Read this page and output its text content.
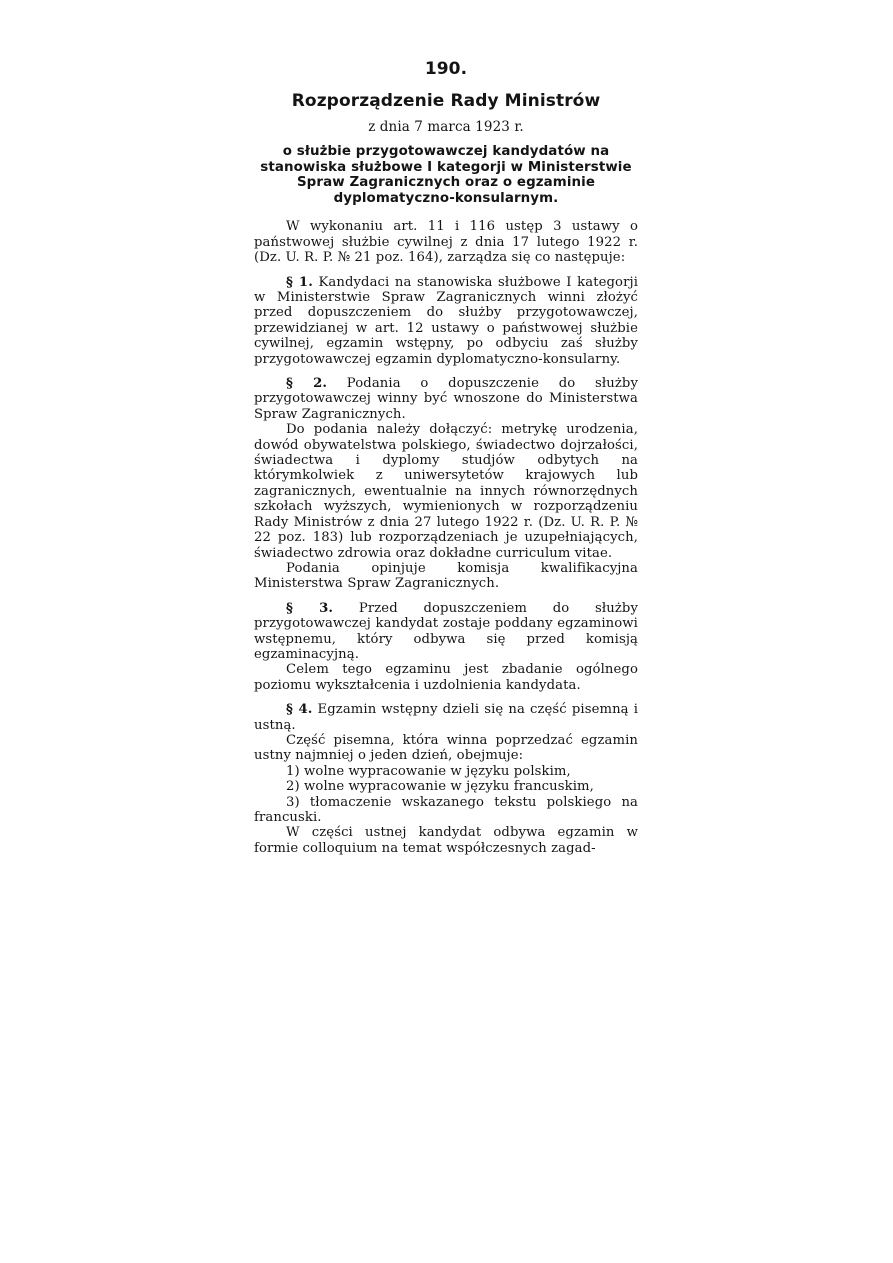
190.
Rozporządzenie Rady Ministrów
z dnia 7 marca 1923 r.
o służbie przygotowawczej kandydatów na stanowiska służbowe I kategorji w Ministerstwie Spraw Zagranicznych oraz o egzaminie dyplomatyczno-konsularnym.

W wykonaniu art. 11 i 116 ustęp 3 ustawy o państwowej służbie cywilnej z dnia 17 lutego 1922 r. (Dz. U. R. P. № 21 poz. 164), zarządza się co następuje:

§ 1. Kandydaci na stanowiska służbowe I kategorji w Ministerstwie Spraw Zagranicznych winni złożyć przed dopuszczeniem do służby przygotowawczej, przewidzianej w art. 12 ustawy o państwowej służbie cywilnej, egzamin wstępny, po odbyciu zaś służby przygotowawczej egzamin dyplomatyczno-konsularny.

§ 2. Podania o dopuszczenie do służby przygotowawczej winny być wnoszone do Ministerstwa Spraw Zagranicznych.

Do podania należy dołączyć: metrykę urodzenia, dowód obywatelstwa polskiego, świadectwo dojrzałości, świadectwa i dyplomy studjów odbytych na którymkolwiek z uniwersytetów krajowych lub zagranicznych, ewentualnie na innych równorzędnych szkołach wyższych, wymienionych w rozporządzeniu Rady Ministrów z dnia 27 lutego 1922 r. (Dz. U. R. P. № 22 poz. 183) lub rozporządzeniach je uzupełniających, świadectwo zdrowia oraz dokładne curriculum vitae.

Podania opinjuje komisja kwalifikacyjna Ministerstwa Spraw Zagranicznych.

§ 3. Przed dopuszczeniem do służby przygotowawczej kandydat zostaje poddany egzaminowi wstępnemu, który odbywa się przed komisją egzaminacyjną.

Celem tego egzaminu jest zbadanie ogólnego poziomu wykształcenia i uzdolnienia kandydata.

§ 4. Egzamin wstępny dzieli się na część pisemną i ustną.

Część pisemna, która winna poprzedzać egzamin ustny najmniej o jeden dzień, obejmuje:

1) wolne wypracowanie w języku polskim,

2) wolne wypracowanie w języku francuskim,

3) tłomaczenie wskazanego tekstu polskiego na francuski.

W części ustnej kandydat odbywa egzamin w formie colloquium na temat współczesnych zagad-
